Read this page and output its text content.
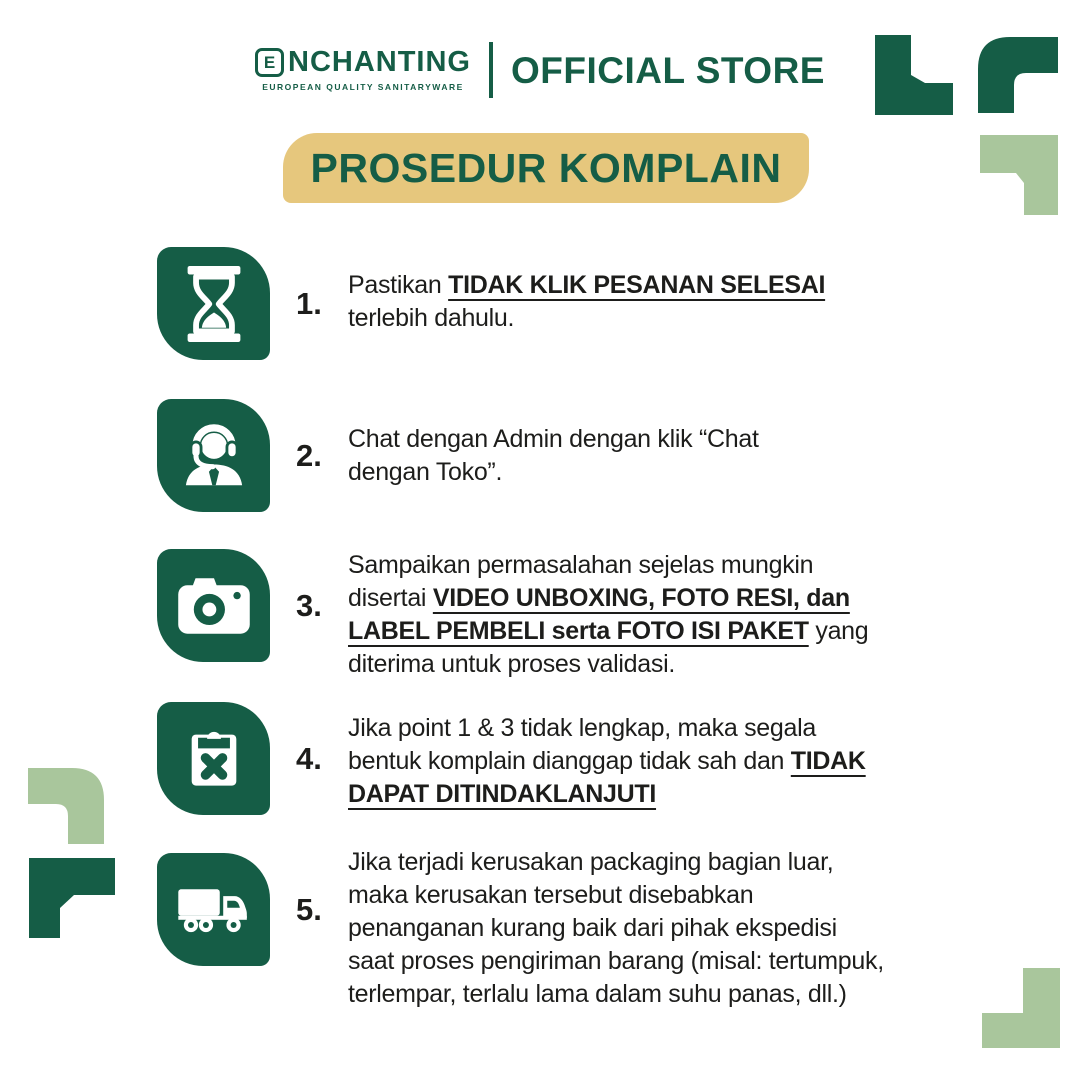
E NCHANTING
EUROPEAN QUALITY SANITARYWARE OFFICIAL STORE
PROSEDUR KOMPLAIN
1.
Pastikan TIDAK KLIK PESANAN SELESAI
terlebih dahulu.
2.	Chat dengan Admin dengan klik “Chat
dengan Toko”.
3.
Sampaikan permasalahan sejelas mungkin
disertai VIDEO UNBOXING, FOTO RESI, dan
LABEL PEMBELI serta FOTO ISI PAKET yang
diterima untuk proses validasi.
4.
Jika point 1 & 3 tidak lengkap, maka segala
bentuk komplain dianggap tidak sah dan TIDAK
DAPAT DITINDAKLANJUTI
5.
Jika terjadi kerusakan packaging bagian luar,
maka kerusakan tersebut disebabkan
penanganan kurang baik dari pihak ekspedisi
saat proses pengiriman barang (misal: tertumpuk,
terlempar, terlalu lama dalam suhu panas, dll.)
